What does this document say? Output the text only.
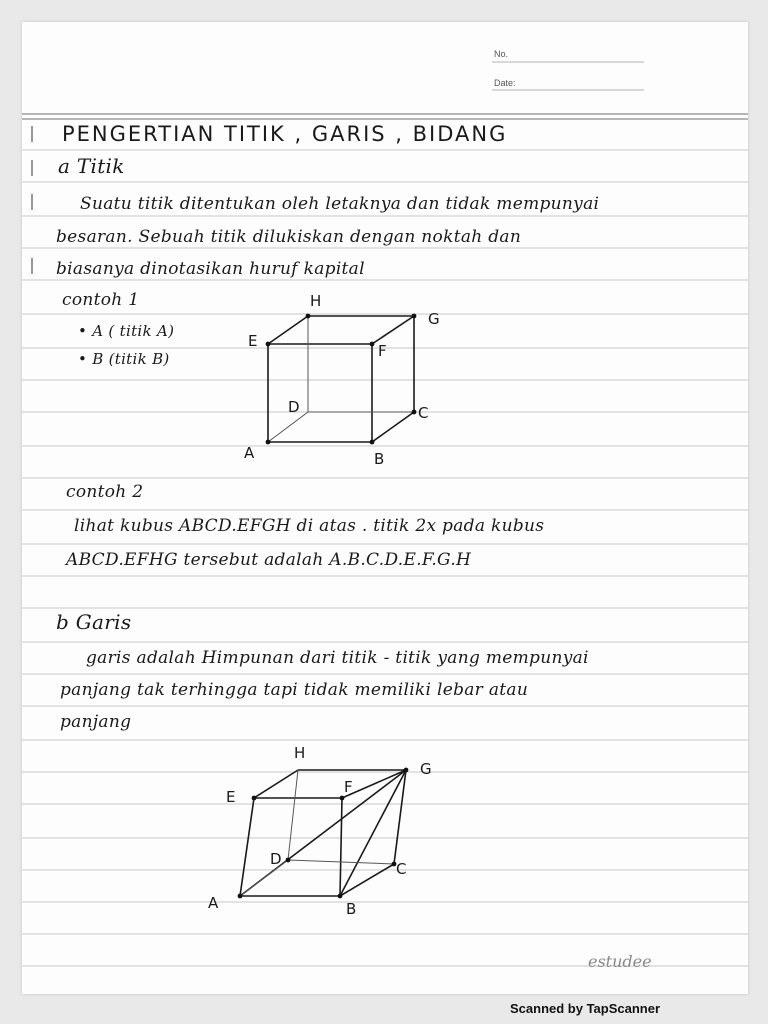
No.
Date:
PENGERTIAN TITIK , GARIS , BIDANG
a Titik
Suatu titik ditentukan oleh letaknya dan tidak mempunyai
besaran. Sebuah titik dilukiskan dengan noktah dan
biasanya dinotasikan huruf kapital
contoh 1
• A ( titik A)
• B (titik B)
H
G
E
F
D	C
A	B
contoh 2
lihat kubus ABCD.EFGH di atas . titik 2x pada kubus
ABCD.EFHG tersebut adalah A.B.C.D.E.F.G.H
b Garis
garis adalah Himpunan dari titik - titik yang mempunyai
panjang tak terhingga tapi tidak memiliki lebar atau
panjang
H
G
E
F
D
C
A	B
estudee
Scanned by TapScanner
